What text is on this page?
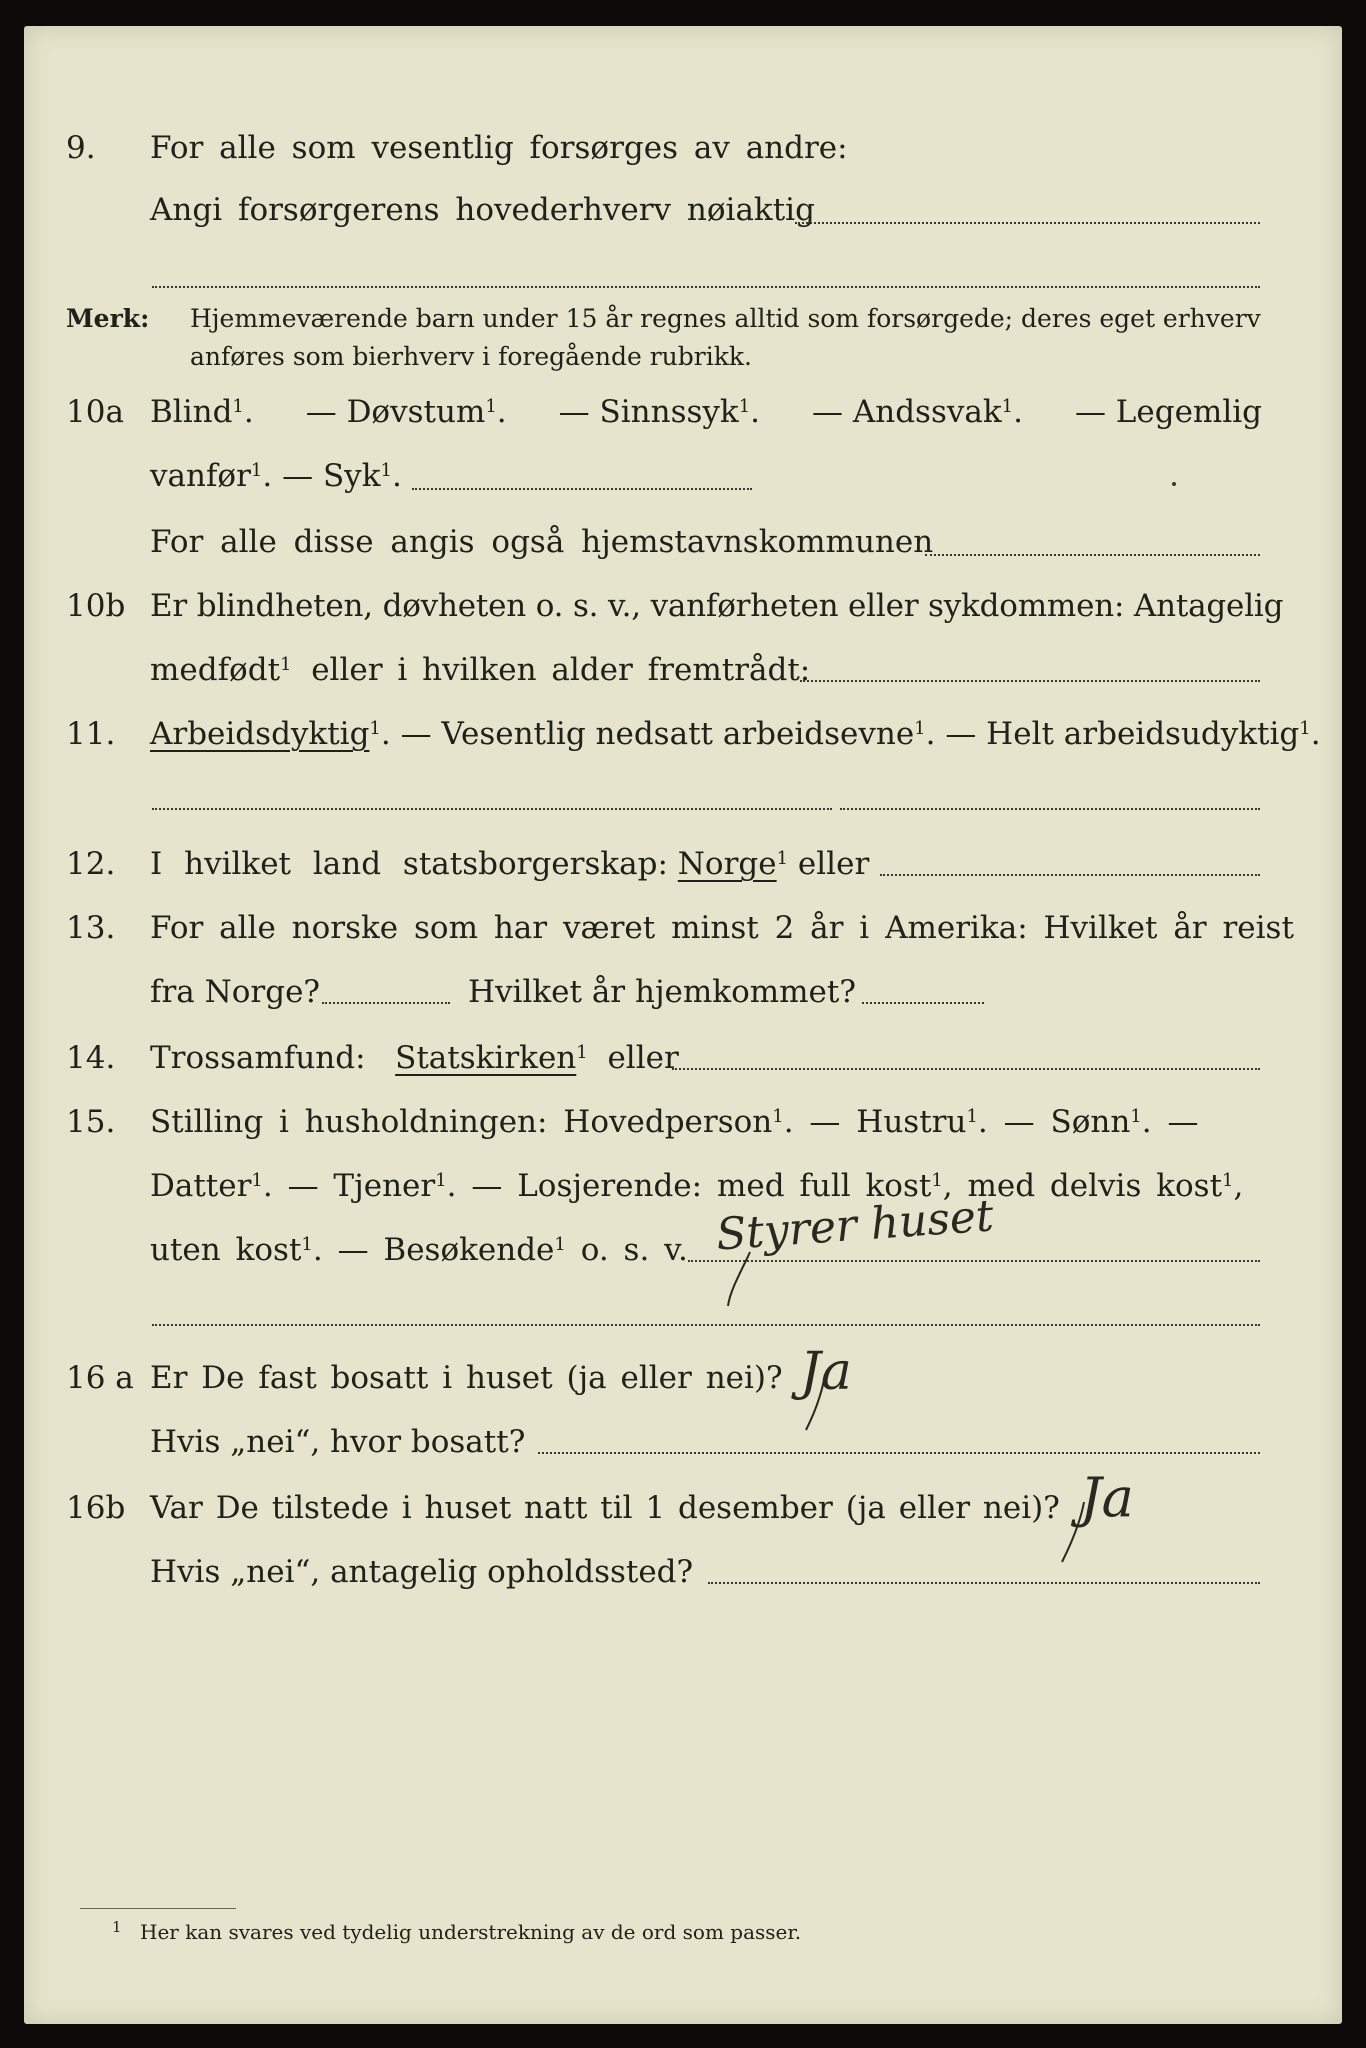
9. For alle som vesentlig forsørges av andre:
Angi forsørgerens hovederhverv nøiaktig
Merk: Hjemmeværende barn under 15 år regnes alltid som forsørgede; deres eget erhverv
anføres som bierhverv i foregående rubrikk.
10a Blind$^1$. — Døvstum$^1$. — Sinnssyk$^1$. — Andssvak$^1$. — Legemlig
vanfør 1 . — Syk 1 .
For alle disse angis også hjemstavnskommunen
10b Er blindheten, døvheten o. s. v., vanførheten eller sykdommen: Antagelig
medfødt 1
eller i hvilken alder fremtrådt:
11. Arbeidsdyktig 1 . — Vesentlig nedsatt arbeidsevne 1 . — Helt arbeidsudyktig 1 .
12. I hvilket land statsborgerskap:
Norge 1
eller
13. For alle norske som har været minst 2 år i Amerika: Hvilket år reist
fra Norge?	Hvilket år hjemkommet?
14. Trossamfund:
Statskirken 1
eller
15. Stilling i husholdningen: Hovedperson 1 . — Hustru 1 . — Sønn 1 . —
Datter 1 . — Tjener 1 . — Losjerende: med full kost 1 , med delvis kost 1 ,
uten kost 1 . — Besøkende 1
o. s. v. Styrer huset
16 a Er De fast bosatt i huset (ja eller nei)? Ja
Hvis „nei“, hvor bosatt?
16b Var De tilstede i huset natt til 1 desember (ja eller nei)? Ja
Hvis „nei“, antagelig opholdssted?
1 Her kan svares ved tydelig understrekning av de ord som passer.
